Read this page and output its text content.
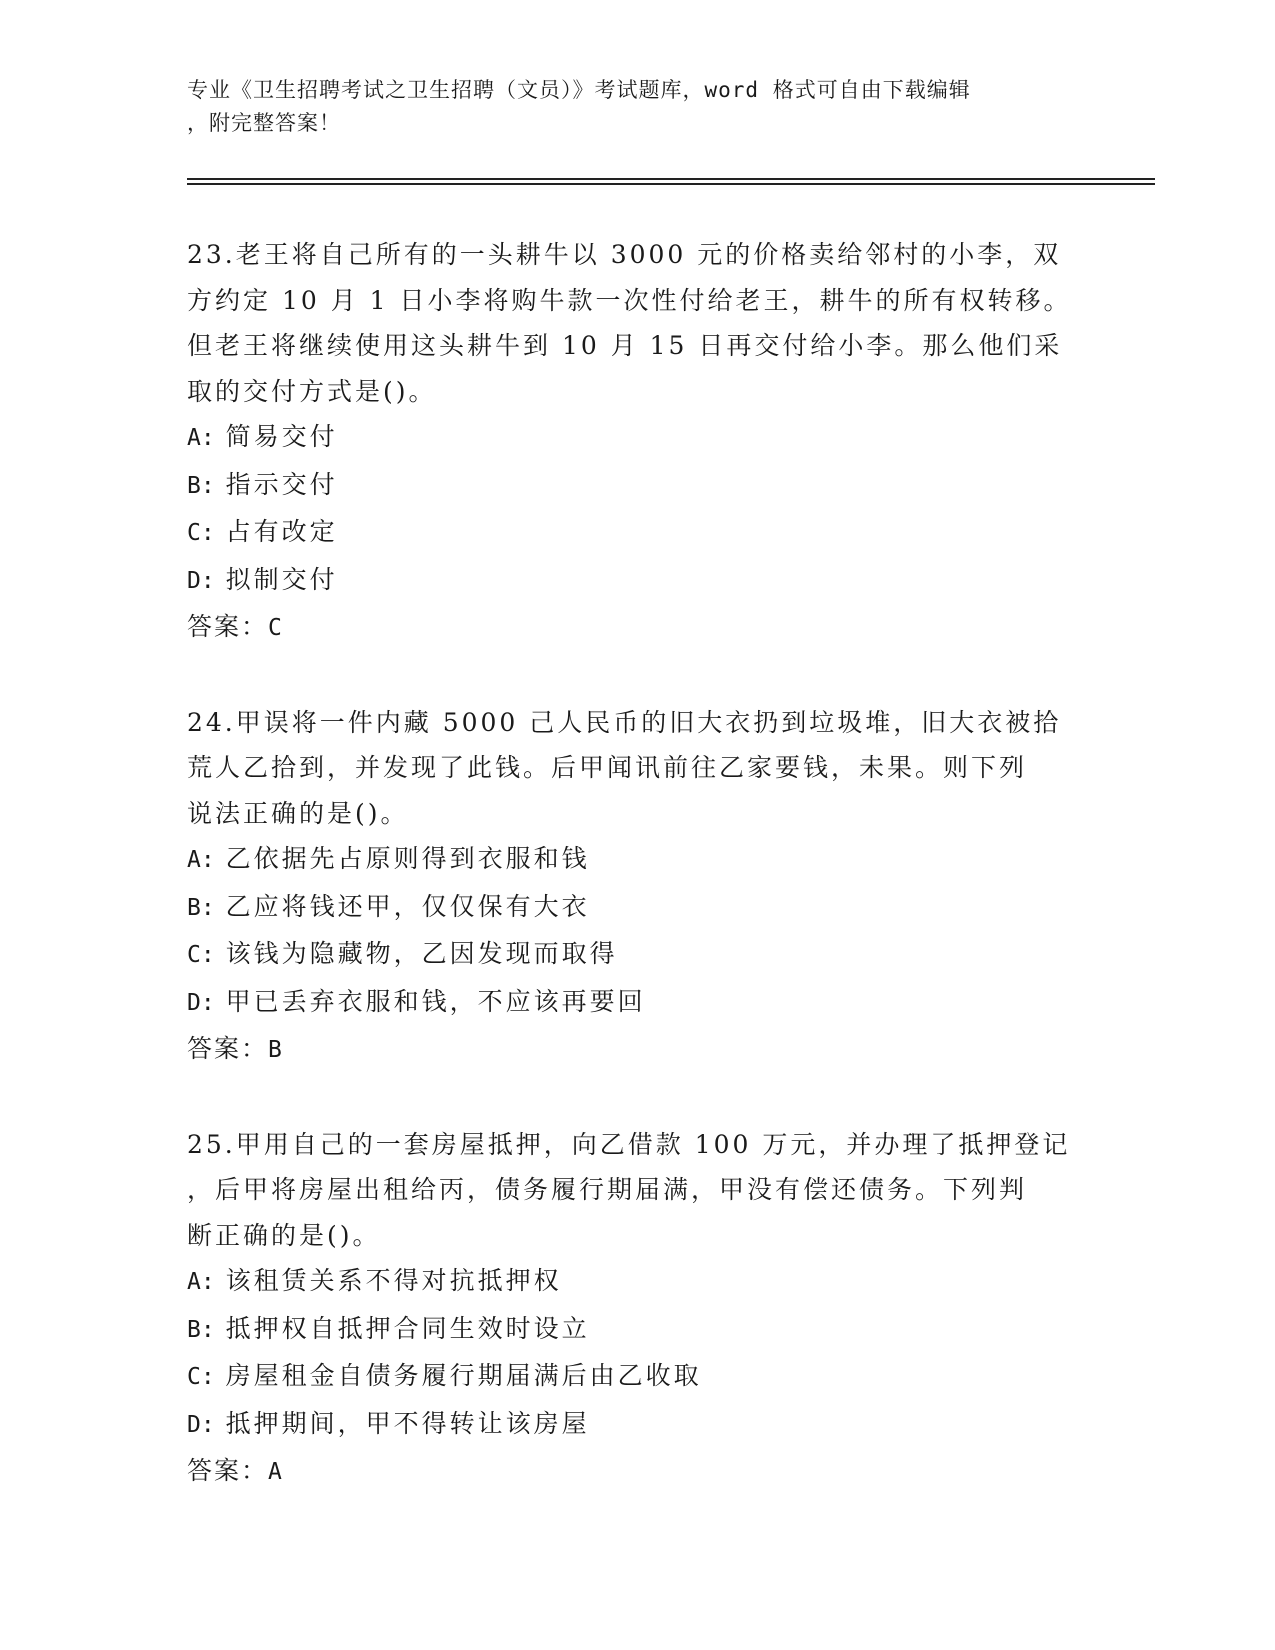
专业《卫生招聘考试之卫生招聘（文员）》考试题库，word 格式可自由下载编辑
，附完整答案！
23.老王将自己所有的一头耕牛以 3000 元的价格卖给邻村的小李，双
方约定 10 月 1 日小李将购牛款一次性付给老王，耕牛的所有权转移。
但老王将继续使用这头耕牛到 10 月 15 日再交付给小李。那么他们采
取的交付方式是()。
A: 简易交付
B: 指示交付
C: 占有改定
D: 拟制交付
答案：C
24.甲误将一件内藏 5000 己人民币的旧大衣扔到垃圾堆，旧大衣被拾
荒人乙拾到，并发现了此钱。后甲闻讯前往乙家要钱，未果。则下列
说法正确的是()。
A: 乙依据先占原则得到衣服和钱
B: 乙应将钱还甲，仅仅保有大衣
C: 该钱为隐藏物，乙因发现而取得
D: 甲已丢弃衣服和钱，不应该再要回
答案：B
25.甲用自己的一套房屋抵押，向乙借款 100 万元，并办理了抵押登记
，后甲将房屋出租给丙，债务履行期届满，甲没有偿还债务。下列判
断正确的是()。
A: 该租赁关系不得对抗抵押权
B: 抵押权自抵押合同生效时设立
C: 房屋租金自债务履行期届满后由乙收取
D: 抵押期间，甲不得转让该房屋
答案：A
